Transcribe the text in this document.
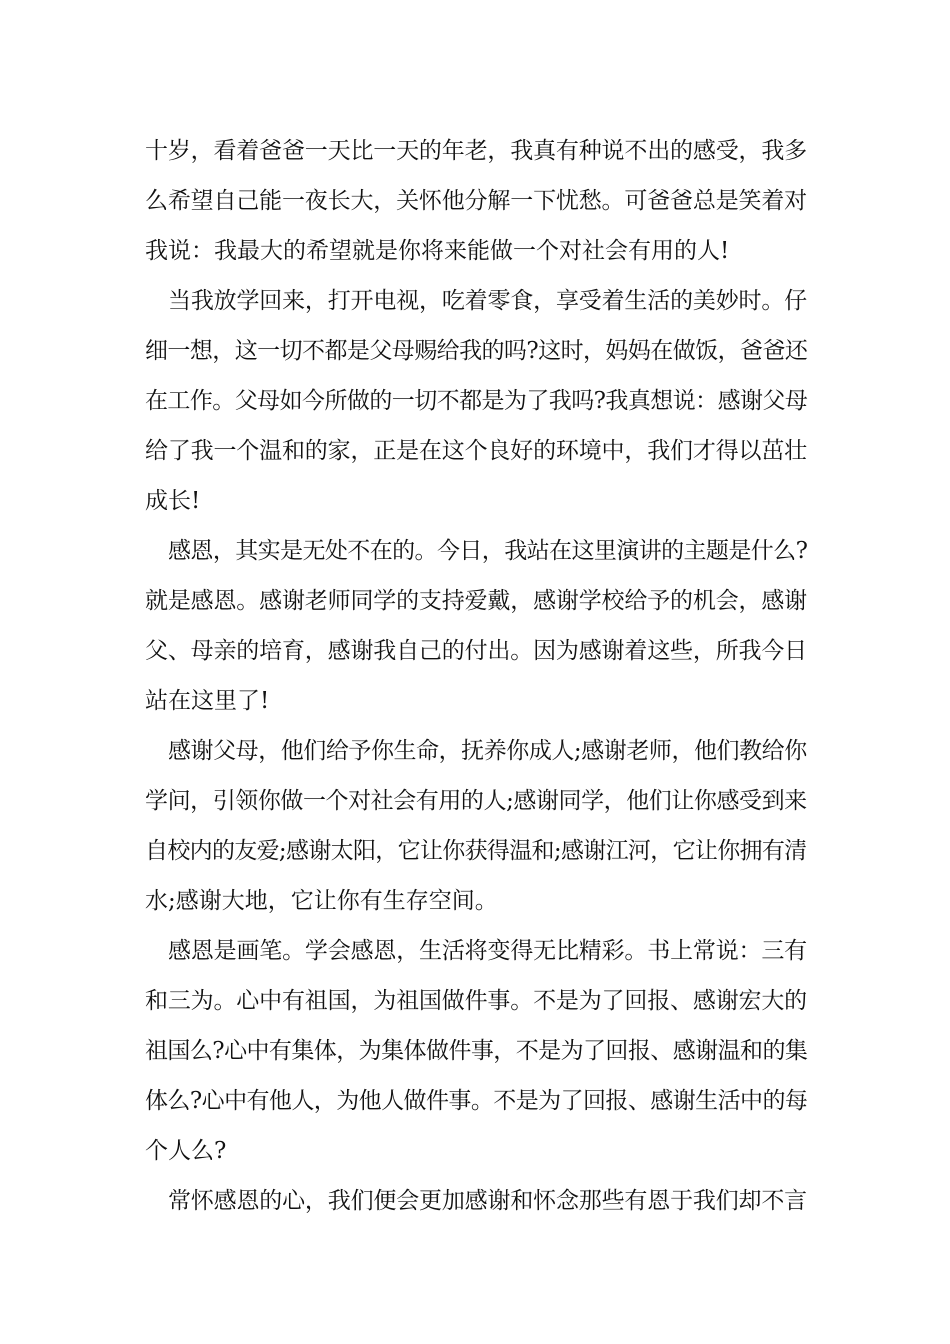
十岁，看着爸爸一天比一天的年老，我真有种说不出的感受，我多
么希望自己能一夜长大，关怀他分解一下忧愁。可爸爸总是笑着对
我说：我最大的希望就是你将来能做一个对社会有用的人!
当我放学回来，打开电视，吃着零食，享受着生活的美妙时。仔
细一想，这一切不都是父母赐给我的吗?这时，妈妈在做饭，爸爸还
在工作。父母如今所做的一切不都是为了我吗?我真想说：感谢父母
给了我一个温和的家，正是在这个良好的环境中，我们才得以茁壮
成长!
感恩，其实是无处不在的。今日，我站在这里演讲的主题是什么?
就是感恩。感谢老师同学的支持爱戴，感谢学校给予的机会，感谢
父、母亲的培育，感谢我自己的付出。因为感谢着这些，所我今日
站在这里了!
感谢父母，他们给予你生命，抚养你成人;感谢老师，他们教给你
学问，引领你做一个对社会有用的人;感谢同学，他们让你感受到来
自校内的友爱;感谢太阳，它让你获得温和;感谢江河，它让你拥有清
水;感谢大地，它让你有生存空间。
感恩是画笔。学会感恩，生活将变得无比精彩。书上常说：三有
和三为。心中有祖国，为祖国做件事。不是为了回报、感谢宏大的
祖国么?心中有集体，为集体做件事，不是为了回报、感谢温和的集
体么?心中有他人，为他人做件事。不是为了回报、感谢生活中的每
个人么?
常怀感恩的心，我们便会更加感谢和怀念那些有恩于我们却不言
